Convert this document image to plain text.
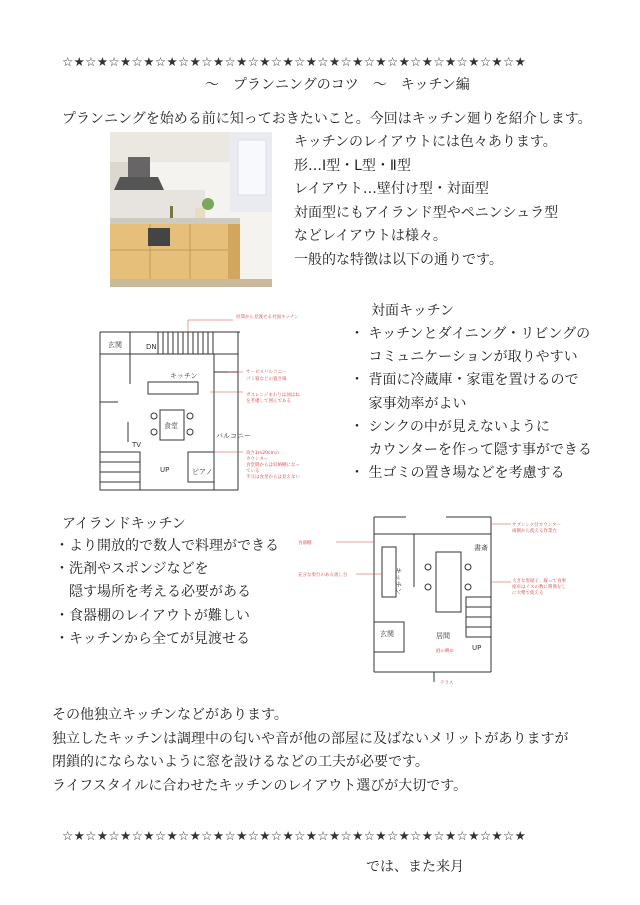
☆★☆★☆★☆★☆★☆★☆★☆★☆★☆★☆★☆★☆★☆★☆★☆★☆★☆★☆★☆★
～　プランニングのコツ　～　キッチン編
プランニングを始める前に知っておきたいこと。今回はキッチン廻りを紹介します。
キッチンのレイアウトには色々あります。
形…Ⅰ型・L型・Ⅱ型
レイアウト…壁付け型・対面型
対面型にもアイランド型やペニンシュラ型
などレイアウトは様々。
一般的な特徴は以下の通りです。
居間から見渡せる対面キッチン
サービスバルコニー
ゴミ箱などの置き場
ガスレンジまわりは油はね
を考慮して囲んである
高さ1m20cmの
カウンター
食堂側からは収納棚になっ
ている
手元は食堂からは見えない
玄関	DN
キッチン
食堂
バルコニー
UP	ピアノ
TV
対面キッチン
・ キッチンとダイニング・リビングの
　 コミュニケーションが取りやすい
・ 背面に冷蔵庫・家電を置けるので
　 家事効率がよい
・ シンクの中が見えないように
　 カウンターを作って隠す事ができる
・ 生ゴミの置き場などを考慮する
アイランドキッチン
・より開放的で数人で料理ができる
・洗剤やスポンジなどを
　隠す場所を考える必要がある
・食器棚のレイアウトが難しい
・キッチンから全てが見渡せる
食器棚
充分な奥行のある流し台
サブシンク付カウンター
両側から使える作業台
大きな窓硝子、縦って食事
座卓はイスの数に関係なし
に大勢で使える
キッチン
玄関	居間
UP
書斎
庭の眺め
テラス
その他独立キッチンなどがあります。
独立したキッチンは調理中の匂いや音が他の部屋に及ばないメリットがありますが
閉鎖的にならないように窓を設けるなどの工夫が必要です。
ライフスタイルに合わせたキッチンのレイアウト選びが大切です。
☆★☆★☆★☆★☆★☆★☆★☆★☆★☆★☆★☆★☆★☆★☆★☆★☆★☆★☆★☆★
では、また来月
